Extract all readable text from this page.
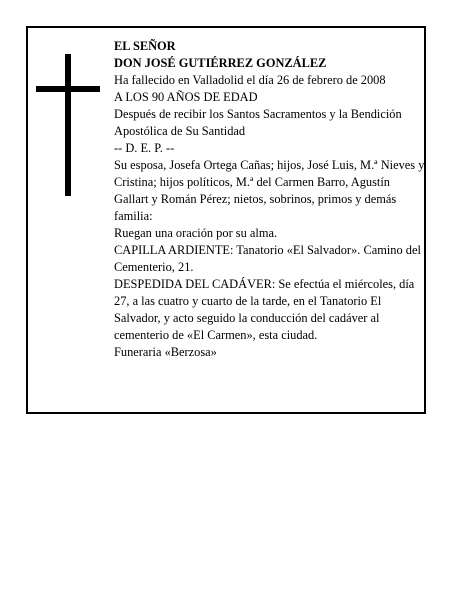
EL SEÑOR

DON JOSÉ GUTIÉRREZ GONZÁLEZ

Ha fallecido en Valladolid el día 26 de febrero de 2008

A LOS 90 AÑOS DE EDAD

Después de recibir los Santos Sacramentos y la Bendición Apostólica de Su Santidad

-- D. E. P. --

Su esposa, Josefa Ortega Cañas; hijos, José Luis, M.ª Nieves y Cristina; hijos políticos, M.ª del Carmen Barro, Agustín Gallart y Román Pérez; nietos, sobrinos, primos y demás familia:

Ruegan una oración por su alma.

CAPILLA ARDIENTE: Tanatorio «El Salvador». Camino del Cementerio, 21.

DESPEDIDA DEL CADÁVER: Se efectúa el miércoles, día 27, a las cuatro y cuarto de la tarde, en el Tanatorio El Salvador, y acto seguido la conducción del cadáver al cementerio de «El Carmen», esta ciudad.

Funeraria «Berzosa»
